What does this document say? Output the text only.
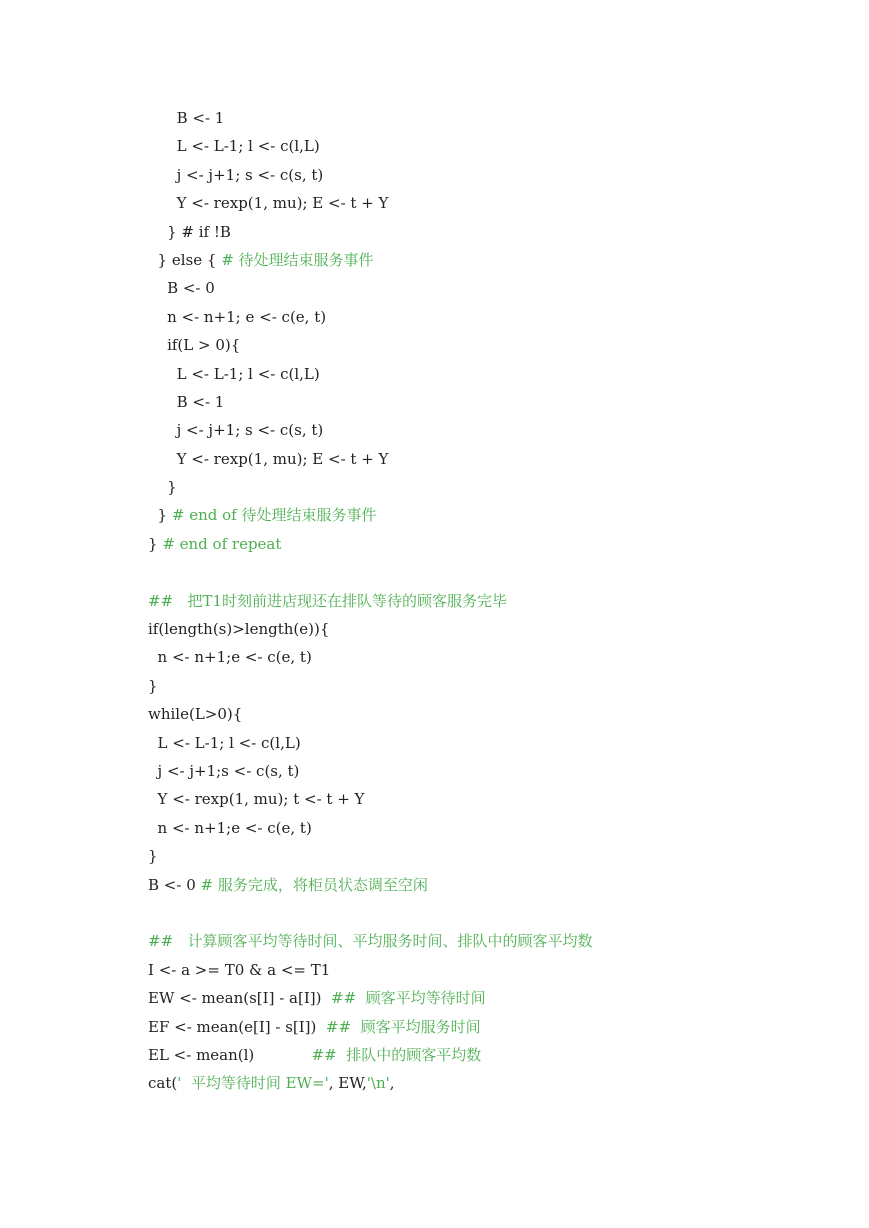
B <- 1
L <- L-1; l <- c(l,L)
j <- j+1; s <- c(s, t)
Y <- rexp(1, mu); E <- t + Y
} # if !B
} else { # 待处理结束服务事件
B <- 0
n <- n+1; e <- c(e, t)
if(L > 0){
L <- L-1; l <- c(l,L)
B <- 1
j <- j+1; s <- c(s, t)
Y <- rexp(1, mu); E <- t + Y
}
} # end of 待处理结束服务事件
} # end of repeat
##   把T1时刻前进店现还在排队等待的顾客服务完毕
if(length(s)>length(e)){
n <- n+1;e <- c(e, t)
}
while(L>0){
L <- L-1; l <- c(l,L)
j <- j+1;s <- c(s, t)
Y <- rexp(1, mu); t <- t + Y
n <- n+1;e <- c(e, t)
}
B <- 0 # 服务完成，将柜员状态调至空闲
##   计算顾客平均等待时间、平均服务时间、排队中的顾客平均数
I <- a >= T0 & a <= T1
EW <- mean(s[I] - a[I])  ##  顾客平均等待时间
EF <- mean(e[I] - s[I])  ##  顾客平均服务时间
EL <- mean(l)            ##  排队中的顾客平均数
cat('  平均等待时间 EW=', EW,'\n',
